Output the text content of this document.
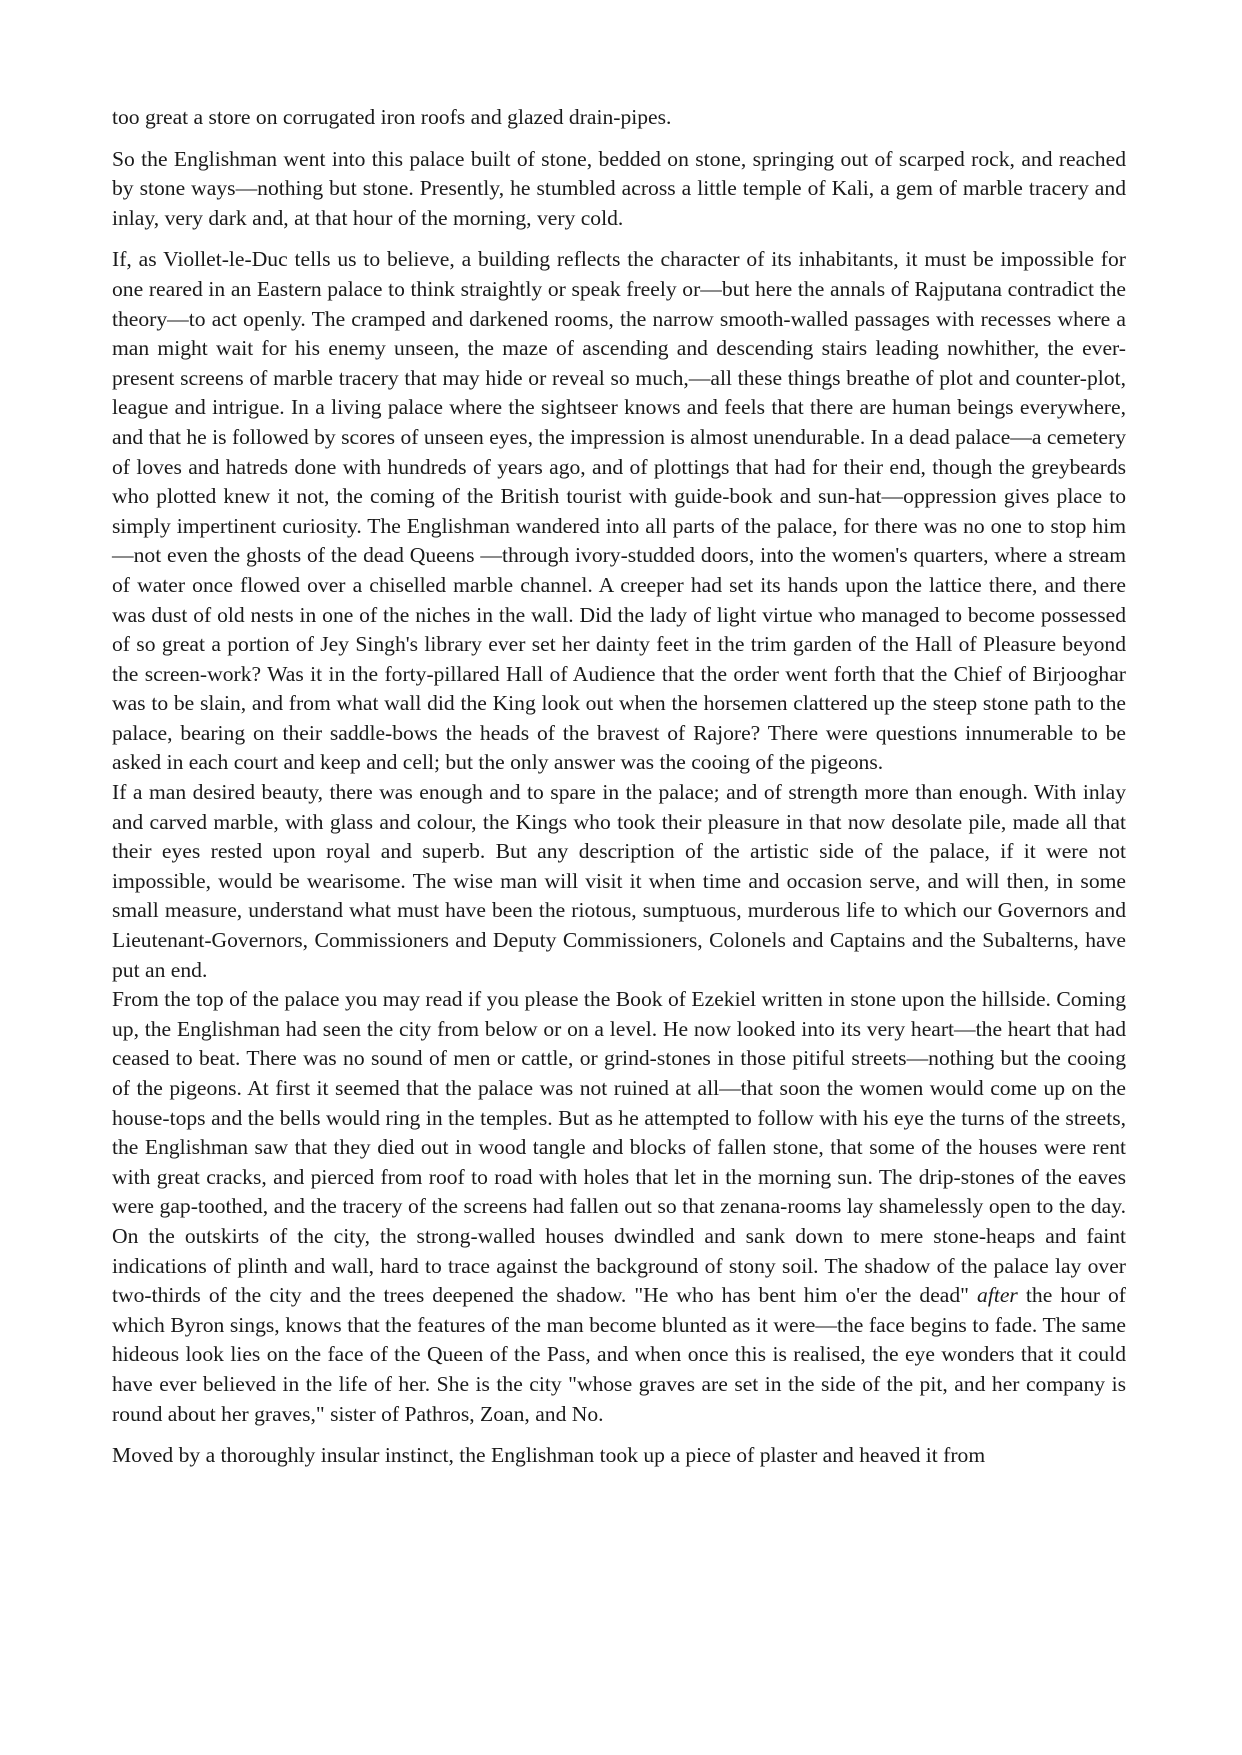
too great a store on corrugated iron roofs and glazed drain-pipes.

So the Englishman went into this palace built of stone, bedded on stone, springing out of scarped rock, and reached by stone ways—nothing but stone. Presently, he stumbled across a little temple of Kali, a gem of marble tracery and inlay, very dark and, at that hour of the morning, very cold.

If, as Viollet-le-Duc tells us to believe, a building reflects the character of its inhabitants, it must be impossible for one reared in an Eastern palace to think straightly or speak freely or—but here the annals of Rajputana contradict the theory—to act openly. The cramped and darkened rooms, the narrow smooth-walled passages with recesses where a man might wait for his enemy unseen, the maze of ascending and descending stairs leading nowhither, the ever-present screens of marble tracery that may hide or reveal so much,—all these things breathe of plot and counter-plot, league and intrigue. In a living palace where the sightseer knows and feels that there are human beings everywhere, and that he is followed by scores of unseen eyes, the impression is almost unendurable. In a dead palace—a cemetery of loves and hatreds done with hundreds of years ago, and of plottings that had for their end, though the greybeards who plotted knew it not, the coming of the British tourist with guide-book and sun-hat—oppression gives place to simply impertinent curiosity. The Englishman wandered into all parts of the palace, for there was no one to stop him—not even the ghosts of the dead Queens —through ivory-studded doors, into the women's quarters, where a stream of water once flowed over a chiselled marble channel. A creeper had set its hands upon the lattice there, and there was dust of old nests in one of the niches in the wall. Did the lady of light virtue who managed to become possessed of so great a portion of Jey Singh's library ever set her dainty feet in the trim garden of the Hall of Pleasure beyond the screen-work? Was it in the forty-pillared Hall of Audience that the order went forth that the Chief of Birjooghar was to be slain, and from what wall did the King look out when the horsemen clattered up the steep stone path to the palace, bearing on their saddle-bows the heads of the bravest of Rajore? There were questions innumerable to be asked in each court and keep and cell; but the only answer was the cooing of the pigeons.

If a man desired beauty, there was enough and to spare in the palace; and of strength more than enough. With inlay and carved marble, with glass and colour, the Kings who took their pleasure in that now desolate pile, made all that their eyes rested upon royal and superb. But any description of the artistic side of the palace, if it were not impossible, would be wearisome. The wise man will visit it when time and occasion serve, and will then, in some small measure, understand what must have been the riotous, sumptuous, murderous life to which our Governors and Lieutenant-Governors, Commissioners and Deputy Commissioners, Colonels and Captains and the Subalterns, have put an end.

From the top of the palace you may read if you please the Book of Ezekiel written in stone upon the hillside. Coming up, the Englishman had seen the city from below or on a level. He now looked into its very heart—the heart that had ceased to beat. There was no sound of men or cattle, or grind-stones in those pitiful streets—nothing but the cooing of the pigeons. At first it seemed that the palace was not ruined at all—that soon the women would come up on the house-tops and the bells would ring in the temples. But as he attempted to follow with his eye the turns of the streets, the Englishman saw that they died out in wood tangle and blocks of fallen stone, that some of the houses were rent with great cracks, and pierced from roof to road with holes that let in the morning sun. The drip-stones of the eaves were gap-toothed, and the tracery of the screens had fallen out so that zenana-rooms lay shamelessly open to the day. On the outskirts of the city, the strong-walled houses dwindled and sank down to mere stone-heaps and faint indications of plinth and wall, hard to trace against the background of stony soil. The shadow of the palace lay over two-thirds of the city and the trees deepened the shadow. "He who has bent him o'er the dead" after the hour of which Byron sings, knows that the features of the man become blunted as it were—the face begins to fade. The same hideous look lies on the face of the Queen of the Pass, and when once this is realised, the eye wonders that it could have ever believed in the life of her. She is the city "whose graves are set in the side of the pit, and her company is round about her graves," sister of Pathros, Zoan, and No.

Moved by a thoroughly insular instinct, the Englishman took up a piece of plaster and heaved it from
